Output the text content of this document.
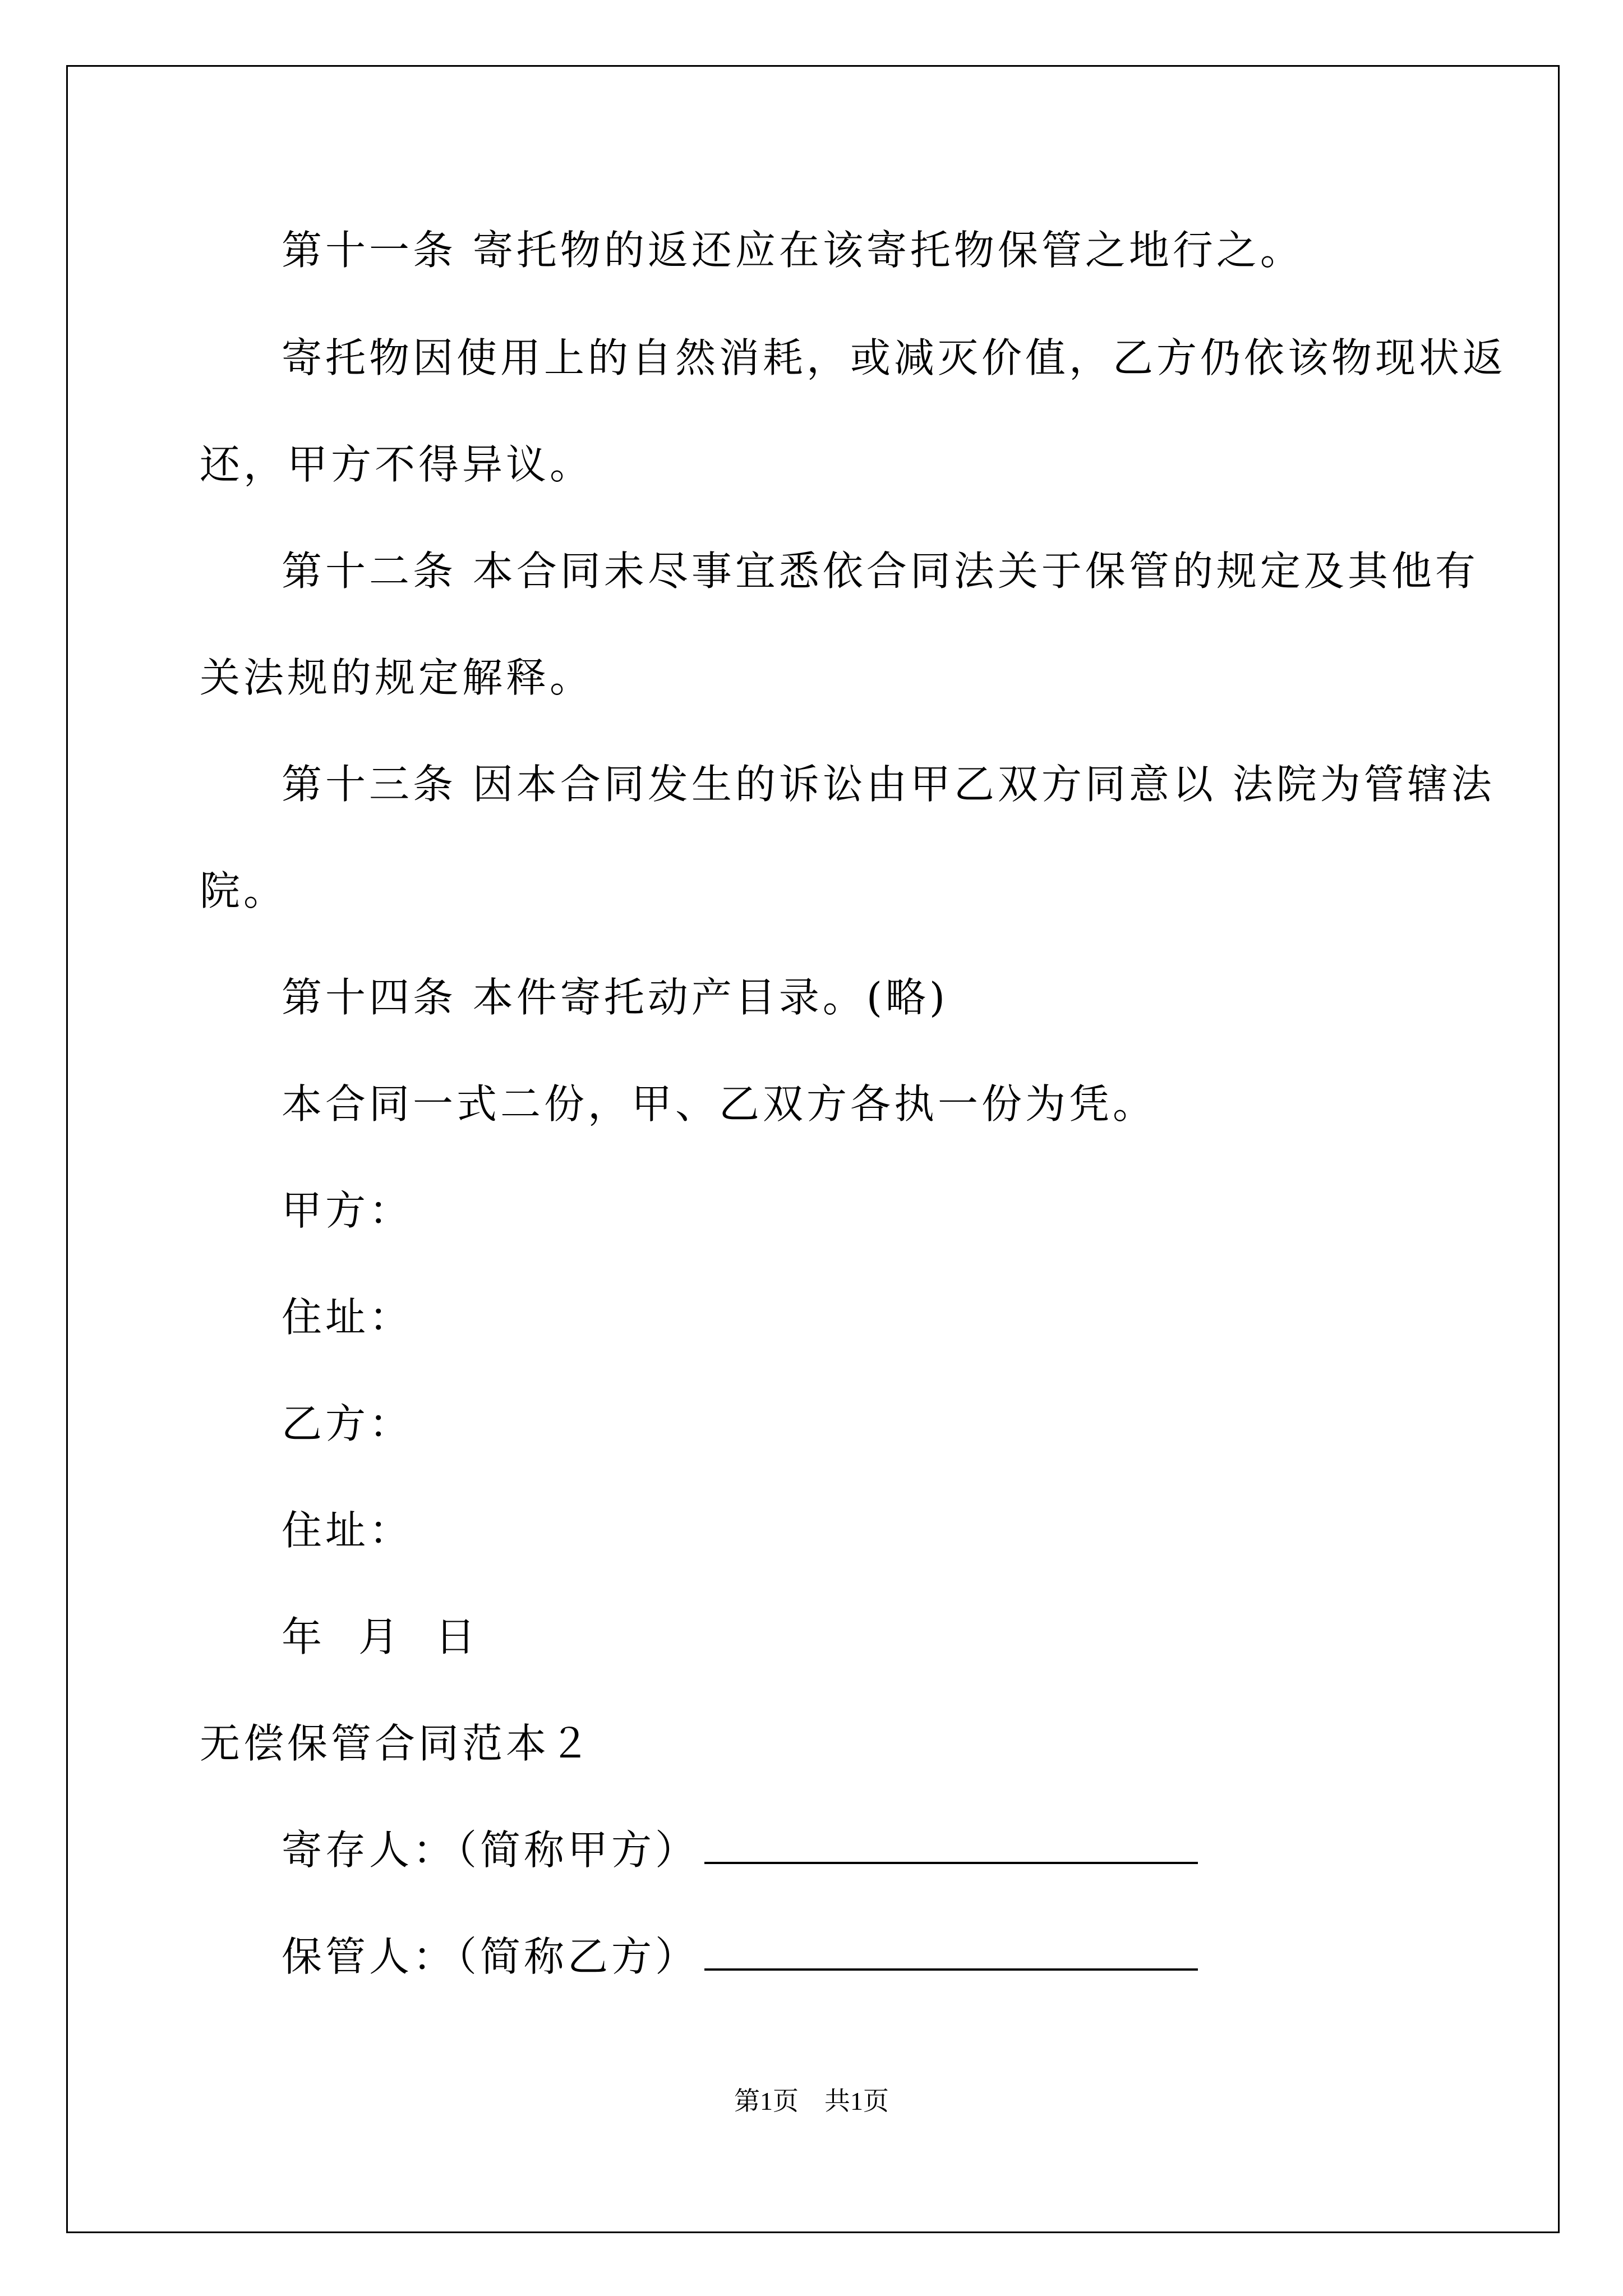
第十一条 寄托物的返还应在该寄托物保管之地行之。
寄托物因使用上的自然消耗，或减灭价值，乙方仍依该物现状返
还，甲方不得异议。
第十二条 本合同未尽事宜悉依合同法关于保管的规定及其他有
关法规的规定解释。
第十三条 因本合同发生的诉讼由甲乙双方同意以 法院为管辖法
院。
第十四条 本件寄托动产目录。(略)
本合同一式二份，甲、乙双方各执一份为凭。
甲方：
住址：
乙方：
住址：
年 月 日
无偿保管合同范本２
寄存人：（简称甲方）
保管人：（简称乙方）
第1页　共1页
